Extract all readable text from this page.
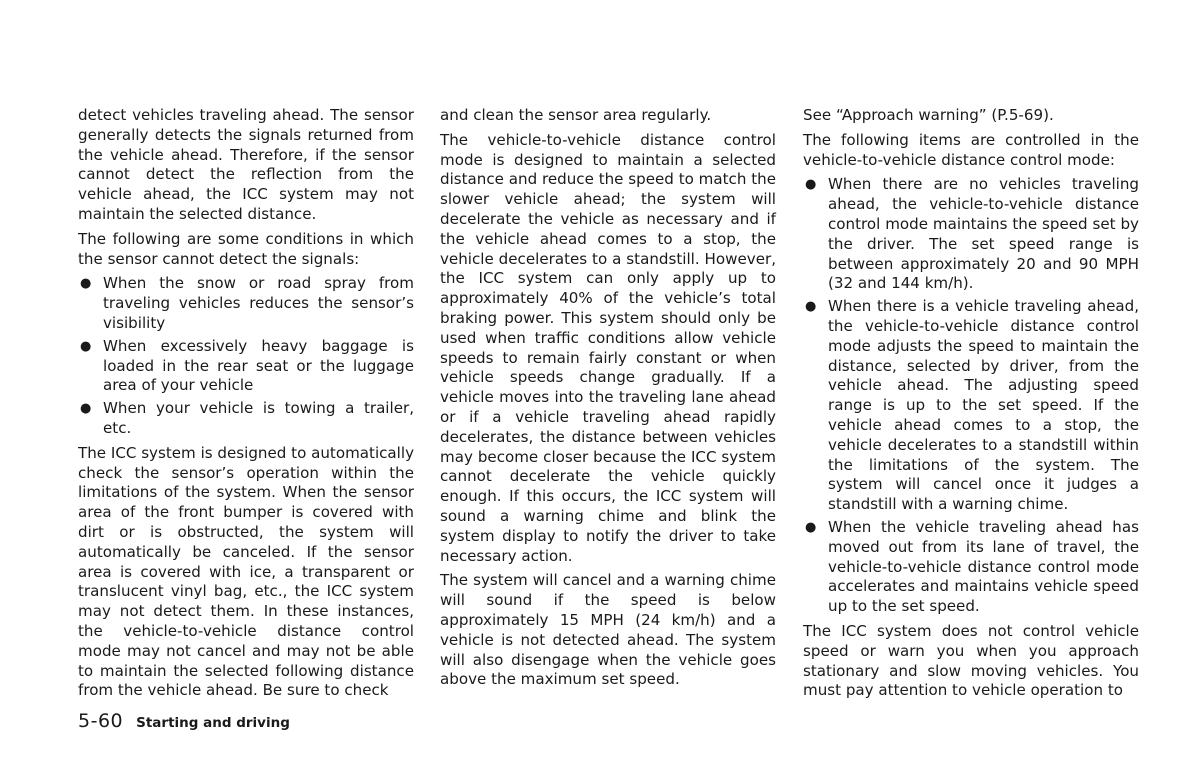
detect vehicles traveling ahead. The sensor generally detects the signals returned from the vehicle ahead. Therefore, if the sensor cannot detect the reflection from the vehicle ahead, the ICC system may not maintain the selected distance.

The following are some conditions in which the sensor cannot detect the signals:

● When the snow or road spray from traveling vehicles reduces the sensor’s visibility
● When excessively heavy baggage is loaded in the rear seat or the luggage area of your vehicle
● When your vehicle is towing a trailer, etc.

The ICC system is designed to automatically check the sensor’s operation within the limitations of the system. When the sensor area of the front bumper is covered with dirt or is obstructed, the system will automatically be canceled. If the sensor area is covered with ice, a transparent or translucent vinyl bag, etc., the ICC system may not detect them. In these instances, the vehicle-to-vehicle distance control mode may not cancel and may not be able to maintain the selected following distance from the vehicle ahead. Be sure to check

and clean the sensor area regularly.

The vehicle-to-vehicle distance control mode is designed to maintain a selected distance and reduce the speed to match the slower vehicle ahead; the system will decelerate the vehicle as necessary and if the vehicle ahead comes to a stop, the vehicle decelerates to a standstill. However, the ICC system can only apply up to approximately 40% of the vehicle’s total braking power. This system should only be used when traffic conditions allow vehicle speeds to remain fairly constant or when vehicle speeds change gradually. If a vehicle moves into the traveling lane ahead or if a vehicle traveling ahead rapidly decelerates, the distance between vehicles may become closer because the ICC system cannot decelerate the vehicle quickly enough. If this occurs, the ICC system will sound a warning chime and blink the system display to notify the driver to take necessary action.

The system will cancel and a warning chime will sound if the speed is below approximately 15 MPH (24 km/h) and a vehicle is not detected ahead. The system will also disengage when the vehicle goes above the maximum set speed.

See “Approach warning” (P.5-69).

The following items are controlled in the vehicle-to-vehicle distance control mode:

● When there are no vehicles traveling ahead, the vehicle-to-vehicle distance control mode maintains the speed set by the driver. The set speed range is between approximately 20 and 90 MPH (32 and 144 km/h).
● When there is a vehicle traveling ahead, the vehicle-to-vehicle distance control mode adjusts the speed to maintain the distance, selected by driver, from the vehicle ahead. The adjusting speed range is up to the set speed. If the vehicle ahead comes to a stop, the vehicle decelerates to a standstill within the limitations of the system. The system will cancel once it judges a standstill with a warning chime.
● When the vehicle traveling ahead has moved out from its lane of travel, the vehicle-to-vehicle distance control mode accelerates and maintains vehicle speed up to the set speed.

The ICC system does not control vehicle speed or warn you when you approach stationary and slow moving vehicles. You must pay attention to vehicle operation to

5-60 Starting and driving
